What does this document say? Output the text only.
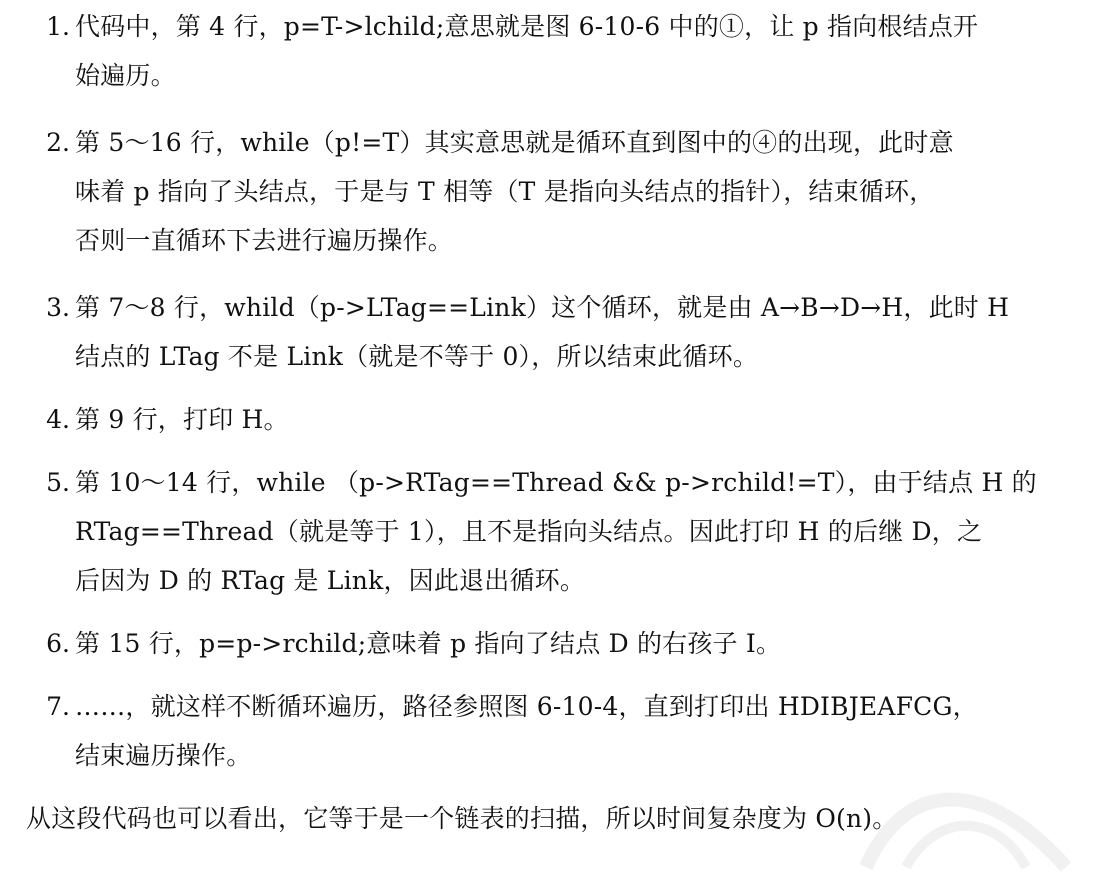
1. 代码中，第 4 行，p=T->lchild;意思就是图 6-10-6 中的①，让 p 指向根结点开
始遍历。
2. 第 5～16 行，while（p!=T）其实意思就是循环直到图中的④的出现，此时意
味着 p 指向了头结点，于是与 T 相等（T 是指向头结点的指针），结束循环，
否则一直循环下去进行遍历操作。
3. 第 7～8 行，whild（p->LTag==Link）这个循环，就是由 A→B→D→H，此时 H
结点的 LTag 不是 Link（就是不等于 0），所以结束此循环。
4. 第 9 行，打印 H。
5. 第 10～14 行，while （p->RTag==Thread && p->rchild!=T），由于结点 H 的
RTag==Thread（就是等于 1），且不是指向头结点。因此打印 H 的后继 D，之
后因为 D 的 RTag 是 Link，因此退出循环。
6. 第 15 行，p=p->rchild;意味着 p 指向了结点 D 的右孩子 I。
7. ……，就这样不断循环遍历，路径参照图 6-10-4，直到打印出 HDIBJEAFCG，
结束遍历操作。
从这段代码也可以看出，它等于是一个链表的扫描，所以时间复杂度为 O(n)。
